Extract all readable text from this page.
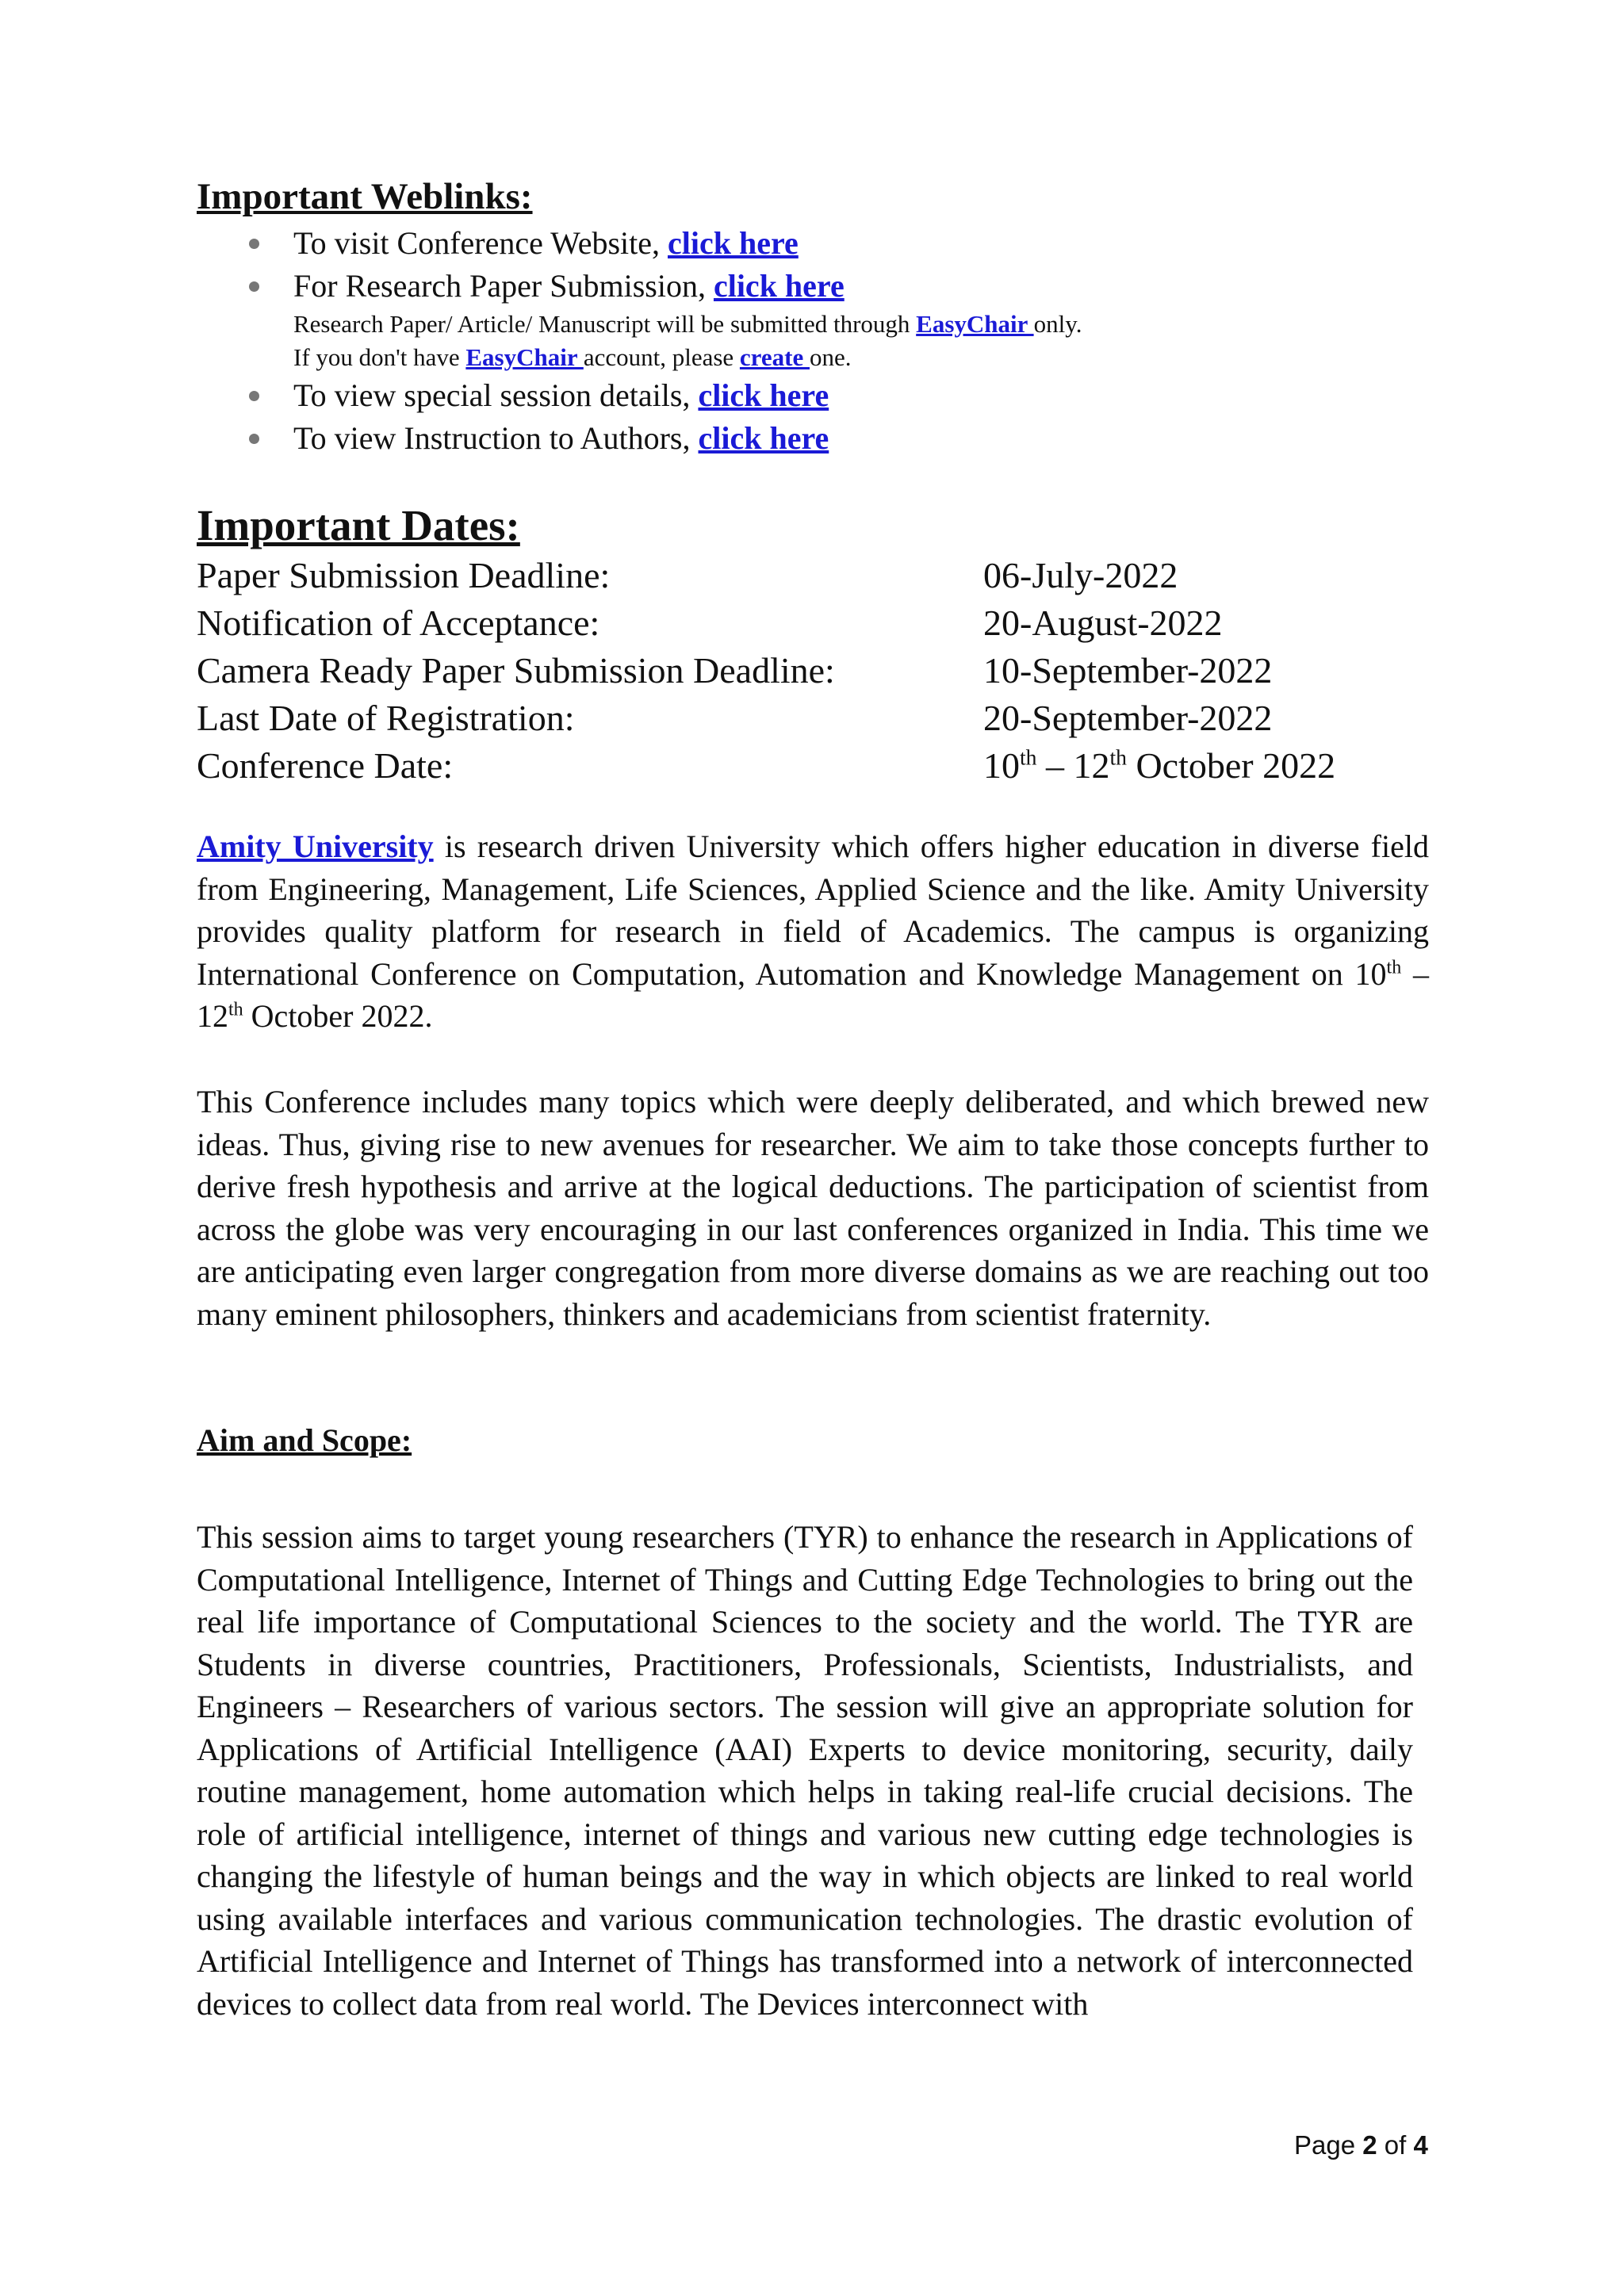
Important Weblinks:
To visit Conference Website, click here
For Research Paper Submission, click here
Research Paper/ Article/ Manuscript will be submitted through EasyChair only.
If you don't have EasyChair account, please create one.
To view special session details, click here
To view Instruction to Authors, click here
Important Dates:
Paper Submission Deadline:	06-July-2022
Notification of Acceptance:	20-August-2022
Camera Ready Paper Submission Deadline:	10-September-2022
Last Date of Registration:	20-September-2022
Conference Date:	10th – 12th October 2022

Amity University is research driven University which offers higher education in diverse field from Engineering, Management, Life Sciences, Applied Science and the like. Amity University provides quality platform for research in field of Academics. The campus is organizing International Conference on Computation, Automation and Knowledge Management on 10th – 12th October 2022.

This Conference includes many topics which were deeply deliberated, and which brewed new ideas. Thus, giving rise to new avenues for researcher. We aim to take those concepts further to derive fresh hypothesis and arrive at the logical deductions. The participation of scientist from across the globe was very encouraging in our last conferences organized in India. This time we are anticipating even larger congregation from more diverse domains as we are reaching out too many eminent philosophers, thinkers and academicians from scientist fraternity.

Aim and Scope:

This session aims to target young researchers (TYR) to enhance the research in Applications of Computational Intelligence, Internet of Things and Cutting Edge Technologies to bring out the real life importance of Computational Sciences to the society and the world. The TYR are Students in diverse countries, Practitioners, Professionals, Scientists, Industrialists, and Engineers – Researchers of various sectors. The session will give an appropriate solution for Applications of Artificial Intelligence (AAI) Experts to device monitoring, security, daily routine management, home automation which helps in taking real-life crucial decisions. The role of artificial intelligence, internet of things and various new cutting edge technologies is changing the lifestyle of human beings and the way in which objects are linked to real world using available interfaces and various communication technologies. The drastic evolution of Artificial Intelligence and Internet of Things has transformed into a network of interconnected devices to collect data from real world. The Devices interconnect with

Page 2 of 4
